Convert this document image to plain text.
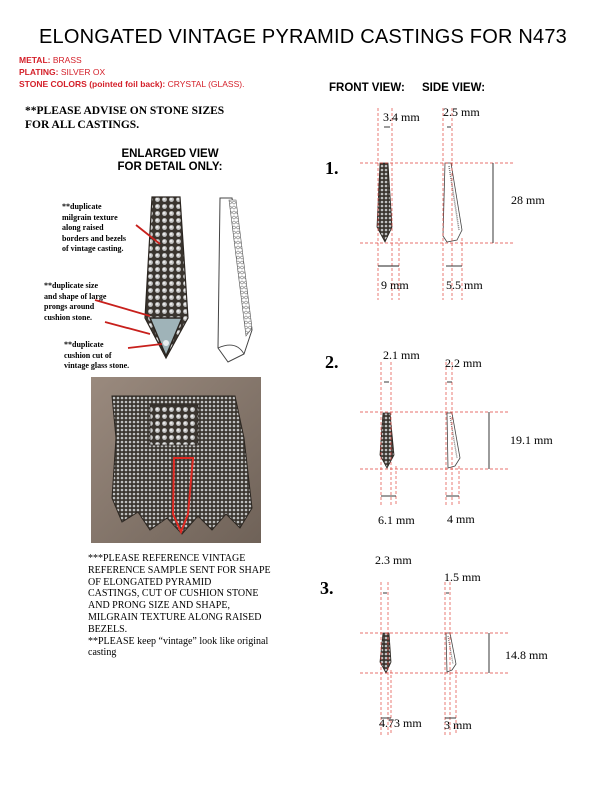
ELONGATED VINTAGE PYRAMID CASTINGS FOR N473
METAL: BRASS
PLATING: SILVER OX
STONE COLORS (pointed foil back): CRYSTAL (GLASS).
**PLEASE ADVISE ON STONE SIZES
FOR ALL CASTINGS.
ENLARGED VIEW
FOR DETAIL ONLY:
**duplicate
milgrain texture
along raised
borders and bezels
of vintage casting.
**duplicate size
and shape of large
prongs around
cushion stone.
**duplicate
cushion cut of
vintage glass stone.
***PLEASE REFERENCE VINTAGE
REFERENCE SAMPLE SENT FOR SHAPE
OF ELONGATED PYRAMID
CASTINGS, CUT OF CUSHION STONE
AND PRONG SIZE AND SHAPE,
MILGRAIN TEXTURE ALONG RAISED
BEZELS.
**PLEASE keep “vintage” look like original
casting
FRONT VIEW: SIDE VIEW:
1.
2.
3.
3.4 mm 2.5 mm
28 mm
9 mm	5.5 mm
2.1 mm
2.2 mm
19.1 mm
6.1 mm	4 mm
2.3 mm
1.5 mm
14.8 mm
4.73 mm 3 mm
